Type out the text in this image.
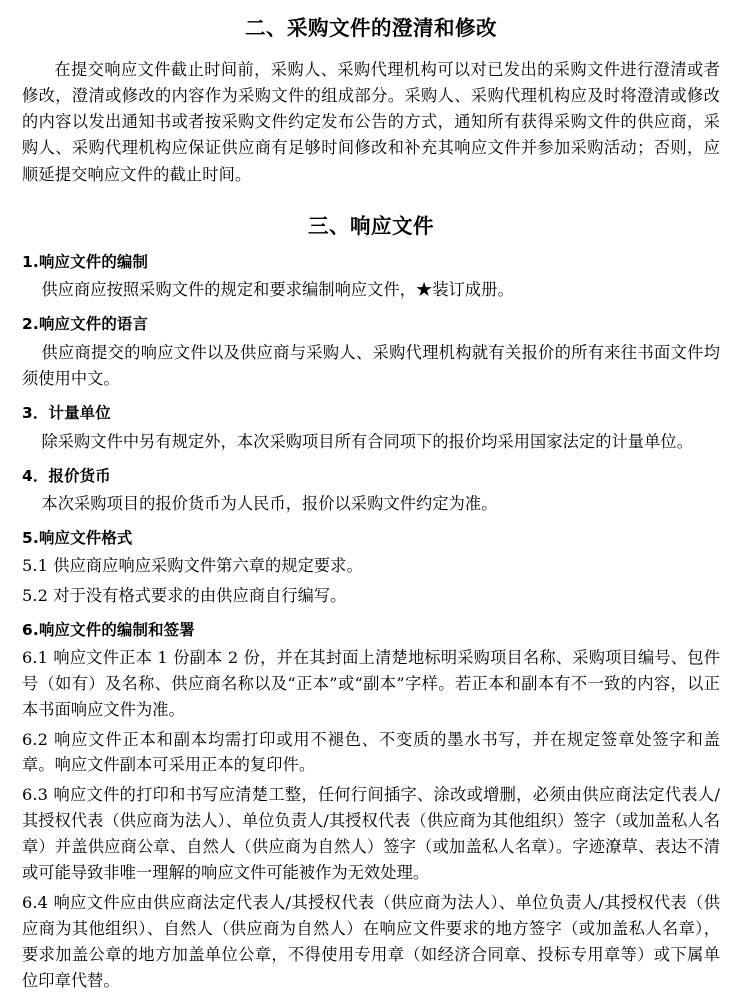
二、采购文件的澄清和修改

在提交响应文件截止时间前，采购人、采购代理机构可以对已发出的采购文件进行澄清或者修改，澄清或修改的内容作为采购文件的组成部分。采购人、采购代理机构应及时将澄清或修改的内容以发出通知书或者按采购文件约定发布公告的方式，通知所有获得采购文件的供应商，采购人、采购代理机构应保证供应商有足够时间修改和补充其响应文件并参加采购活动；否则，应顺延提交响应文件的截止时间。

三、响应文件
1.响应文件的编制

供应商应按照采购文件的规定和要求编制响应文件，★装订成册。

2.响应文件的语言

供应商提交的响应文件以及供应商与采购人、采购代理机构就有关报价的所有来往书面文件均须使用中文。

3．计量单位

除采购文件中另有规定外，本次采购项目所有合同项下的报价均采用国家法定的计量单位。

4．报价货币

本次采购项目的报价货币为人民币，报价以采购文件约定为准。

5.响应文件格式

5.1 供应商应响应采购文件第六章的规定要求。

5.2 对于没有格式要求的由供应商自行编写。

6.响应文件的编制和签署

6.1 响应文件正本 1 份副本 2 份，并在其封面上清楚地标明采购项目名称、采购项目编号、包件号（如有）及名称、供应商名称以及“正本”或“副本”字样。若正本和副本有不一致的内容，以正本书面响应文件为准。

6.2 响应文件正本和副本均需打印或用不褪色、不变质的墨水书写，并在规定签章处签字和盖章。响应文件副本可采用正本的复印件。

6.3 响应文件的打印和书写应清楚工整，任何行间插字、涂改或增删，必须由供应商法定代表人/其授权代表（供应商为法人）、单位负责人/其授权代表（供应商为其他组织）签字（或加盖私人名章）并盖供应商公章、自然人（供应商为自然人）签字（或加盖私人名章）。字迹潦草、表达不清或可能导致非唯一理解的响应文件可能被作为无效处理。

6.4 响应文件应由供应商法定代表人/其授权代表（供应商为法人）、单位负责人/其授权代表（供应商为其他组织）、自然人（供应商为自然人）在响应文件要求的地方签字（或加盖私人名章），要求加盖公章的地方加盖单位公章，不得使用专用章（如经济合同章、投标专用章等）或下属单位印章代替。
